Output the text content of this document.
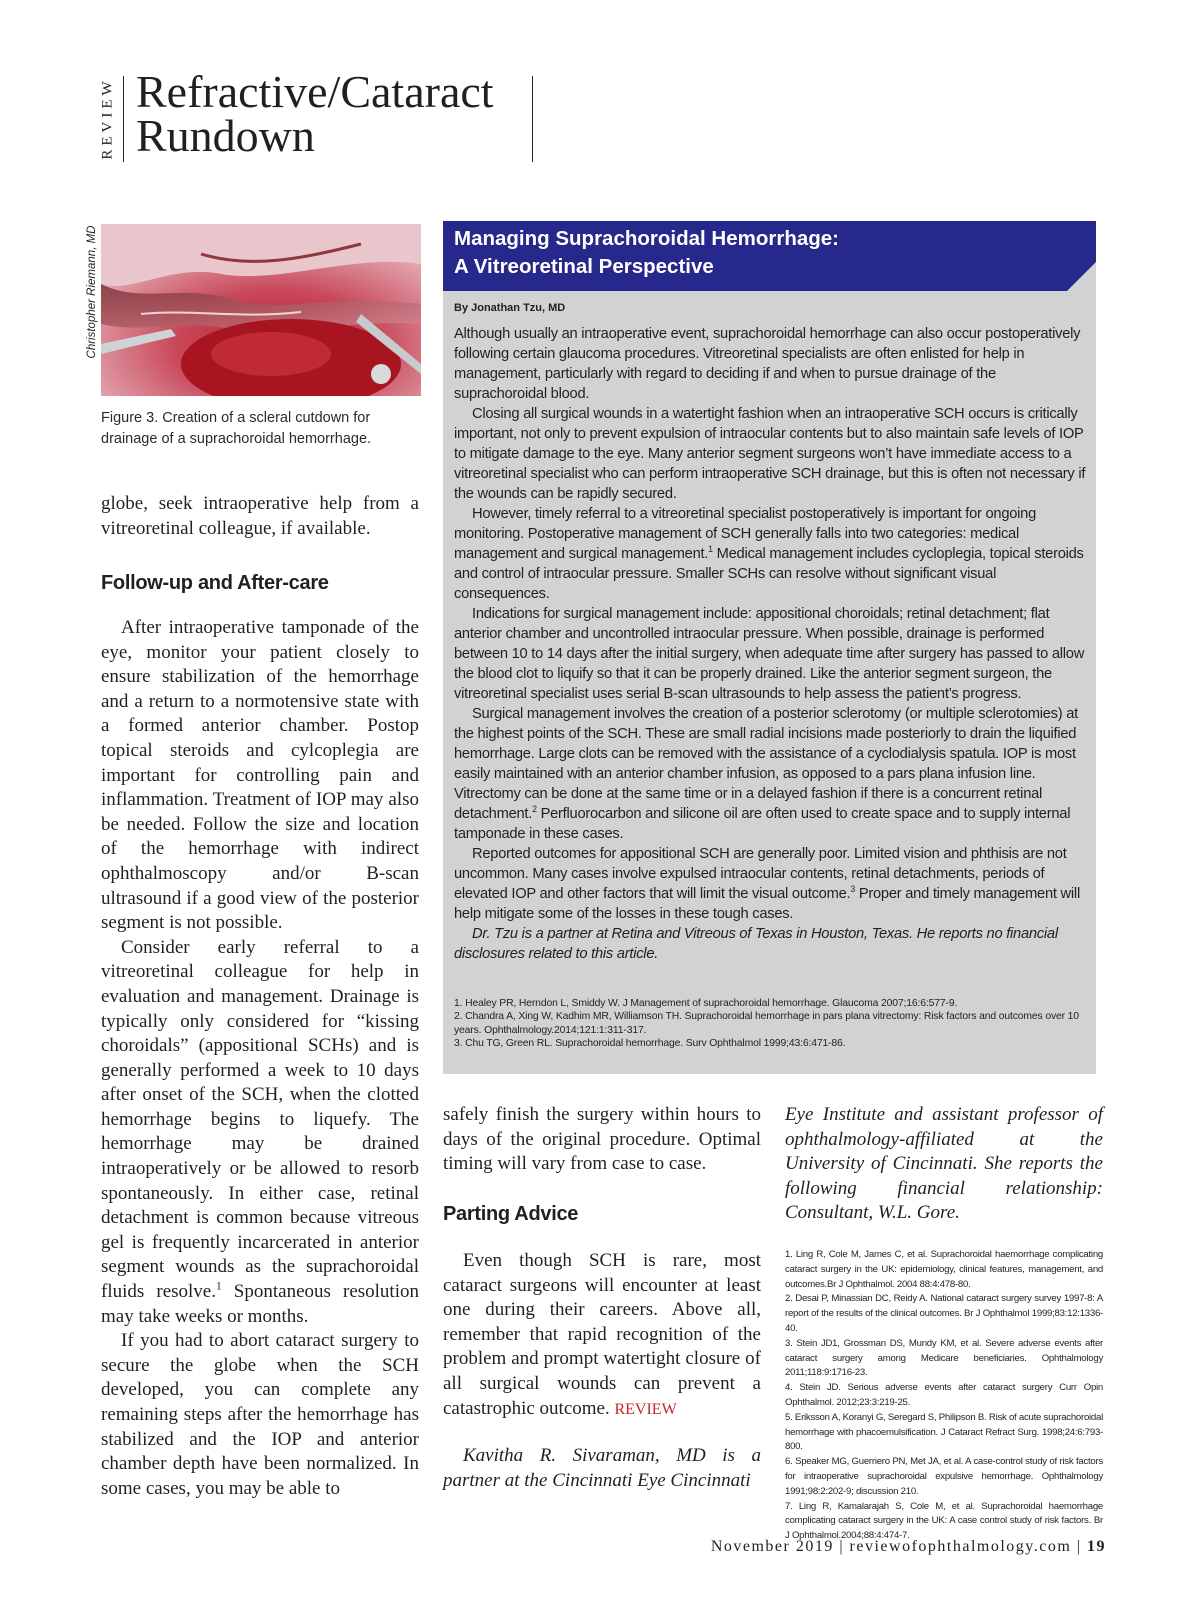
REVIEW Refractive/Cataract
Rundown
Christopher Riemann, MD
Figure 3. Creation of a scleral cutdown for drainage of a suprachoroidal hemorrhage.

globe, seek intraoperative help from a vitreoretinal colleague, if available.

Follow-up and After-care

After intraoperative tamponade of the eye, monitor your patient closely to ensure stabilization of the hemorrhage and a return to a normotensive state with a formed anterior chamber. Postop topical steroids and cylcoplegia are important for controlling pain and inflammation. Treatment of IOP may also be needed. Follow the size and location of the hemorrhage with indirect ophthalmoscopy and/or B-scan ultrasound if a good view of the posterior segment is not possible.

Consider early referral to a vitreoretinal colleague for help in evaluation and management. Drainage is typically only considered for “kissing choroidals” (appositional SCHs) and is generally performed a week to 10 days after onset of the SCH, when the clotted hemorrhage begins to liquefy. The hemorrhage may be drained intraoperatively or be allowed to resorb spontaneously. In either case, retinal detachment is common because vitreous gel is frequently incarcerated in anterior segment wounds as the suprachoroidal fluids resolve.$^1$ Spontaneous resolution may take weeks or months.

If you had to abort cataract surgery to secure the globe when the SCH developed, you can complete any remaining steps after the hemorrhage has stabilized and the IOP and anterior chamber depth have been normalized. In some cases, you may be able to

safely finish the surgery within hours to days of the original procedure. Optimal timing will vary from case to case.

Parting Advice

Even though SCH is rare, most cataract surgeons will encounter at least one during their careers. Above all, remember that rapid recognition of the problem and prompt watertight closure of all surgical wounds can prevent a catastrophic outcome. REVIEW

Kavitha R. Sivaraman, MD is a partner at the Cincinnati Eye Cincinnati

Eye Institute and assistant professor of ophthalmology-affiliated at the University of Cincinnati. She reports the following financial relationship: Consultant, W.L. Gore.

1. Ling R, Cole M, James C, et al. Suprachoroidal haemorrhage complicating cataract surgery in the UK: epidemiology, clinical features, management, and outcomes.Br J Ophthalmol. 2004 88:4:478-80.
2. Desai P, Minassian DC, Reidy A. National cataract surgery survey 1997-8: A report of the results of the clinical outcomes. Br J Ophthalmol 1999;83:12:1336-40.
3. Stein JD1, Grossman DS, Mundy KM, et al. Severe adverse events after cataract surgery among Medicare beneficiaries. Ophthalmology 2011;118:9:1716-23.
4. Stein JD. Serious adverse events after cataract surgery Curr Opin Ophthalmol. 2012;23:3:219-25.
5. Eriksson A, Koranyi G, Seregard S, Philipson B. Risk of acute suprachoroidal hemorrhage with phacoemulsification. J Cataract Refract Surg. 1998;24:6:793-800.
6. Speaker MG, Guerriero PN, Met JA, et al. A case-control study of risk factors for intraoperative suprachoroidal expulsive hemorrhage. Ophthalmology 1991;98:2:202-9; discussion 210.
7. Ling R, Kamalarajah S, Cole M, et al. Suprachoroidal haemorrhage complicating cataract surgery in the UK: A case control study of risk factors. Br J Ophthalmol.2004;88:4:474-7.
Managing Suprachoroidal Hemorrhage:
A Vitreoretinal Perspective
By Jonathan Tzu, MD

Although usually an intraoperative event, suprachoroidal hemorrhage can also occur postoperatively following certain glaucoma procedures. Vitreoretinal specialists are often enlisted for help in management, particularly with regard to deciding if and when to pursue drainage of the suprachoroidal blood.

Closing all surgical wounds in a watertight fashion when an intraoperative SCH occurs is critically important, not only to prevent expulsion of intraocular contents but to also maintain safe levels of IOP to mitigate damage to the eye. Many anterior segment surgeons won’t have immediate access to a vitreoretinal specialist who can perform intraoperative SCH drainage, but this is often not necessary if the wounds can be rapidly secured.

However, timely referral to a vitreoretinal specialist postoperatively is important for ongoing monitoring. Postoperative management of SCH generally falls into two categories: medical management and surgical management.$^1$ Medical management includes cycloplegia, topical steroids and control of intraocular pressure. Smaller SCHs can resolve without significant visual consequences.

Indications for surgical management include: appositional choroidals; retinal detachment; flat anterior chamber and uncontrolled intraocular pressure. When possible, drainage is performed between 10 to 14 days after the initial surgery, when adequate time after surgery has passed to allow the blood clot to liquify so that it can be properly drained. Like the anterior segment surgeon, the vitreoretinal specialist uses serial B-scan ultrasounds to help assess the patient’s progress.

Surgical management involves the creation of a posterior sclerotomy (or multiple sclerotomies) at the highest points of the SCH. These are small radial incisions made posteriorly to drain the liquified hemorrhage. Large clots can be removed with the assistance of a cyclodialysis spatula. IOP is most easily maintained with an anterior chamber infusion, as opposed to a pars plana infusion line. Vitrectomy can be done at the same time or in a delayed fashion if there is a concurrent retinal detachment.$^2$ Perfluorocarbon and silicone oil are often used to create space and to supply internal tamponade in these cases.

Reported outcomes for appositional SCH are generally poor. Limited vision and phthisis are not uncommon. Many cases involve expulsed intraocular contents, retinal detachments, periods of elevated IOP and other factors that will limit the visual outcome.$^3$ Proper and timely management will help mitigate some of the losses in these tough cases.

Dr. Tzu is a partner at Retina and Vitreous of Texas in Houston, Texas. He reports no financial disclosures related to this article.

1. Healey PR, Herndon L, Smiddy W. J Management of suprachoroidal hemorrhage. Glaucoma 2007;16:6:577-9.
2. Chandra A, Xing W, Kadhim MR, Williamson TH. Suprachoroidal hemorrhage in pars plana vitrectomy: Risk factors and outcomes over 10 years. Ophthalmology.2014;121:1:311-317.
3. Chu TG, Green RL. Suprachoroidal hemorrhage. Surv Ophthalmol 1999;43:6:471-86.
November 2019 | reviewofophthalmology.com | 19
